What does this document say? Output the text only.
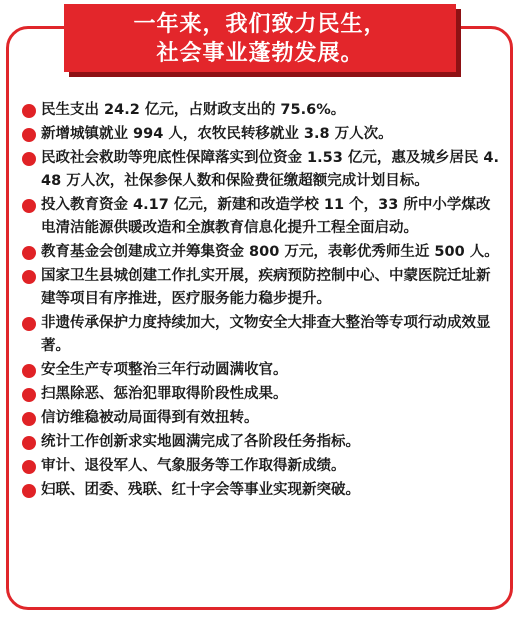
一年来，我们致力民生，
社会事业蓬勃发展。
民生支出 24.2 亿元，占财政支出的 75.6%。
新增城镇就业 994 人，农牧民转移就业 3.8 万人次。
民政社会救助等兜底性保障落实到位资金 1.53 亿元，惠及城乡居民 4.48 万人次，社保参保人数和保险费征缴超额完成计划目标。
投入教育资金 4.17 亿元，新建和改造学校 11 个，33 所中小学煤改电清洁能源供暖改造和全旗教育信息化提升工程全面启动。
教育基金会创建成立并筹集资金 800 万元，表彰优秀师生近 500 人。
国家卫生县城创建工作扎实开展，疾病预防控制中心、中蒙医院迁址新建等项目有序推进，医疗服务能力稳步提升。
非遗传承保护力度持续加大，文物安全大排查大整治等专项行动成效显著。
安全生产专项整治三年行动圆满收官。
扫黑除恶、惩治犯罪取得阶段性成果。
信访维稳被动局面得到有效扭转。
统计工作创新求实地圆满完成了各阶段任务指标。
审计、退役军人、气象服务等工作取得新成绩。
妇联、团委、残联、红十字会等事业实现新突破。
